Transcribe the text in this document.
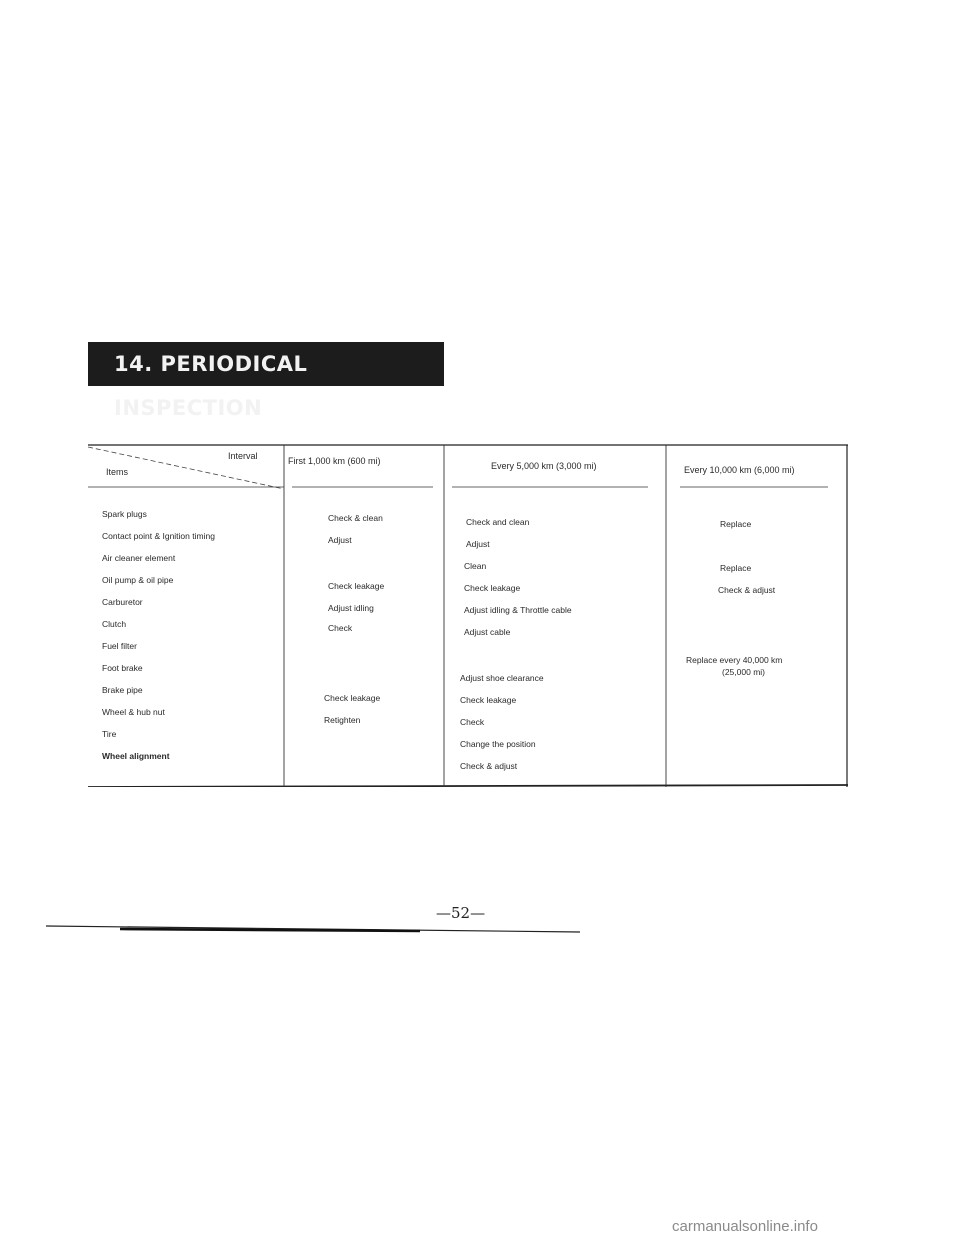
14. PERIODICAL INSPECTION
Interval
Items
First 1,000 km (600 mi)	Every 5,000 km (3,000 mi)	Every 10,000 km (6,000 mi)
Spark plugs
Contact point & Ignition timing
Air cleaner element
Oil pump & oil pipe
Carburetor
Clutch
Fuel filter
Foot brake
Brake pipe
Wheel & hub nut
Tire
Wheel alignment
Check & clean
Adjust
Check leakage
Adjust idling
Check
Check leakage
Retighten
Check and clean
Adjust
Clean
Check leakage
Adjust idling & Throttle cable
Adjust cable
Adjust shoe clearance
Check leakage
Check
Change the position
Check & adjust
Replace
Replace
Check & adjust
Replace every 40,000 km
(25,000 mi)
—52—
carmanualsonline.info
